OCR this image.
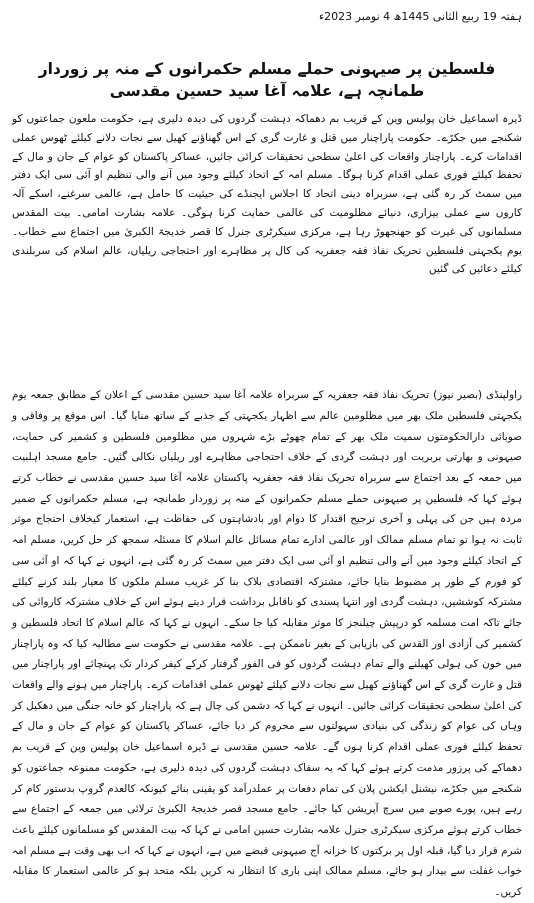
ہفتہ 19 ربیع الثانی 1445ھ 4 نومبر 2023ء
فلسطین پر صیہونی حملے مسلم حکمرانوں کے منہ پر زوردار طمانچہ ہے، علامہ آغا سید حسین مقدسی

ڈیرہ اسماعیل خان پولیس وین کے قریب بم دھماکہ دہشت گردوں کی دیدہ دلیری ہے، حکومت ملعون جماعتوں کو شکنجے میں جکڑے۔ حکومت پاراچنار میں قتل و غارت گری کے اس گھناؤنے کھیل سے نجات دلانے کیلئے ٹھوس عملی اقدامات کرے۔ پاراچنار واقعات کی اعلیٰ سطحی تحقیقات کرائی جائیں، عساکر پاکستان کو عوام کے جان و مال کے تحفظ کیلئے فوری عملی اقدام کرنا ہوگا۔ مسلم امہ کے اتحاد کیلئے وجود میں آنے والی تنظیم او آئی سی ایک دفتر میں سمٹ کر رہ گئی ہے، سربراہ دینی اتحاد کا اجلاس ایجنڈے کی حیثیت کا حامل ہے، عالمی سرغنے، اسکے آلہ کاروں سے عملی بیزاری، دنیائے مظلومیت کی عالمی حمایت کرنا ہوگی۔ علامہ بشارت امامی۔ بیت المقدس مسلمانوں کی غیرت کو جھنجھوڑ رہا ہے، مرکزی سیکرٹری جنرل کا قصر خدیجۃ الکبریٰ میں اجتماع سے خطاب۔ یوم یکجہتی فلسطین تحریک نفاذ فقہ جعفریہ کی کال پر مظاہرے اور احتجاجی ریلیاں، عالم اسلام کی سربلندی کیلئے دعائیں کی گئیں

راولپنڈی(بصیر نیوز)تحریک نفاذ فقہ جعفریہ کے سربراہ علامہ آغا سید حسین مقدسی کے اعلان کے مطابق جمعہ یوم یکجہتی فلسطین ملک بھر میں مظلومین عالم سے اظہار یکجہتی کے جذبے کے ساتھ منایا گیا۔ اس موقع پر وفاقی و صوبائی دارالحکومتوں سمیت ملک بھر کے تمام چھوٹے بڑے شہروں میں مظلومین فلسطین و کشمیر کی حمایت، صیہونی و بھارتی بربریت اور دہشت گردی کے خلاف احتجاجی مظاہرے اور ریلیاں نکالی گئیں۔ جامع مسجد اہلبیت میں جمعہ کے بعد اجتماع سے سربراہ تحریک نفاذ فقہ جعفریہ پاکستان علامہ آغا سید حسین مقدسی نے خطاب کرتے ہوئے کہا کہ فلسطین پر صیہونی حملے مسلم حکمرانوں کے منہ پر زوردار طمانچہ ہے، مسلم حکمرانوں کے ضمیر مردہ ہیں جن کی پہلی و آخری ترجیح اقتدار کا دوام اور بادشاہتوں کی حفاظت ہے، استعمار کیخلاف احتجاج موثر ثابت نہ ہوا تو تمام مسلم ممالک اور عالمی ادارے تمام مسائل عالم اسلام کا مسئلہ سمجھ کر حل کریں، مسلم امہ کے اتحاد کیلئے وجود میں آنے والی تنظیم او آئی سی ایک دفتر میں سمٹ کر رہ گئی ہے، انہوں نے کہا کہ او آئی سی کو فورم کے طور پر مضبوط بنایا جائے، مشترکہ اقتصادی بلاک بنا کر غریب مسلم ملکوں کا معیار بلند کرنے کیلئے مشترکہ کوششیں، دہشت گردی اور انتہا پسندی کو ناقابل برداشت قرار دیتے ہوئے اس کے خلاف مشترکہ کاروائی کی جائے تاکہ امت مسلمہ کو درپیش چیلنجز کا موثر مقابلہ کیا جا سکے۔ انہوں نے کہا کہ عالم اسلام کا اتحاد فلسطین و کشمیر کی آزادی اور القدس کی بازیابی کے بغیر ناممکن ہے۔ علامہ مقدسی نے حکومت سے مطالبہ کیا کہ وہ پاراچنار میں خون کی ہولی کھیلنے والے تمام دہشت گردوں کو فی الفور گرفتار کرکے کیفر کردار تک پہنچائے اور پاراچنار میں قتل و غارت گری کے اس گھناؤنے کھیل سے نجات دلانے کیلئے ٹھوس عملی اقدامات کرے۔ پاراچنار میں ہونے والے واقعات کی اعلیٰ سطحی تحقیقات کرائی جائیں۔ انہوں نے کہا کہ دشمن کی چال ہے کہ پاراچنار کو خانہ جنگی میں دھکیل کر وہاں کی عوام کو زندگی کی بنیادی سہولتوں سے محروم کر دیا جائے، عساکر پاکستان کو عوام کے جان و مال کے تحفظ کیلئے فوری عملی اقدام کرنا ہوں گے۔ علامہ حسین مقدسی نے ڈیرہ اسماعیل خان پولیس وین کے قریب بم دھماکے کی پرزور مذمت کرتے ہوئے کہا کہ یہ سفاک دہشت گردوں کی دیدہ دلیری ہے، حکومت ممنوعہ جماعتوں کو شکنجے میں جکڑے، نیشنل ایکشن پلان کی تمام دفعات پر عملدرآمد کو یقینی بنائے کیونکہ کالعدم گروپ بدستور کام کر رہے ہیں، پورے صوبے میں سرچ آپریشن کیا جائے۔ جامع مسجد قصر خدیجۃ الکبریٰ ترلائی میں جمعہ کے اجتماع سے خطاب کرتے ہوئے مرکزی سیکرٹری جنرل علامہ بشارت حسین امامی نے کہا کہ بیت المقدس کو مسلمانوں کیلئے باعث شرم قرار دیا گیا، قبلہ اول پر برکتوں کا خزانہ آج صیہونی قبضے میں ہے، انہوں نے کہا کہ اب بھی وقت ہے مسلم امہ خواب غفلت سے بیدار ہو جائے، مسلم ممالک اپنی باری کا انتظار نہ کریں بلکہ متحد ہو کر عالمی استعمار کا مقابلہ کریں۔
